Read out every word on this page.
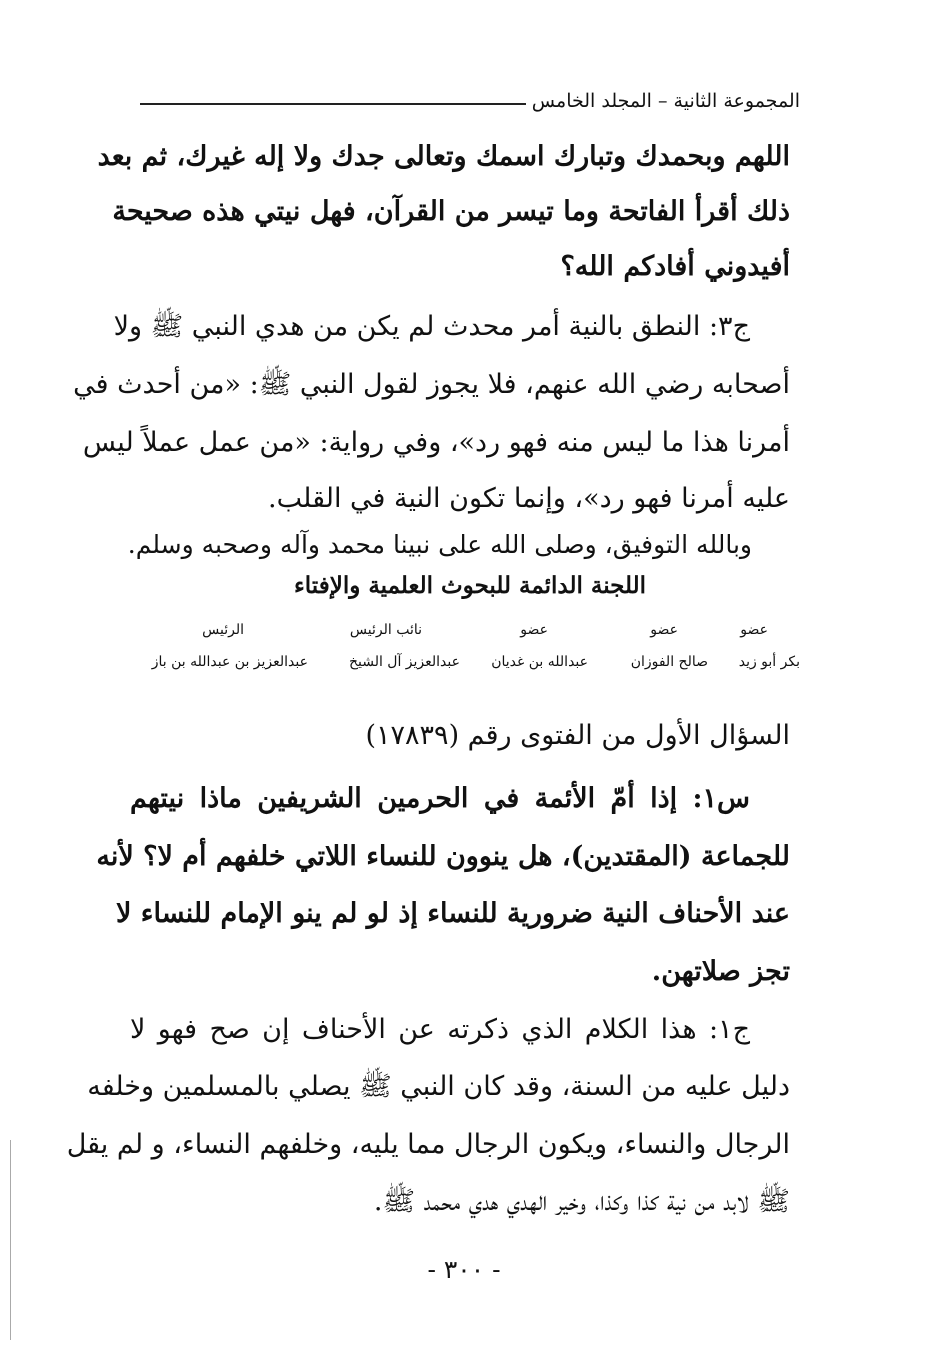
المجموعة الثانية – المجلد الخامس
اللهم وبحمدك وتبارك اسمك وتعالى جدك ولا إله غيرك، ثم بعد
ذلك أقرأ الفاتحة وما تيسر من القرآن، فهل نيتي هذه صحيحة
أفيدوني أفادكم الله؟
ج٣: النطق بالنية أمر محدث لم يكن من هدي النبي ﷺ ولا
أصحابه رضي الله عنهم، فلا يجوز لقول النبي ﷺ: «من أحدث في
أمرنا هذا ما ليس منه فهو رد»، وفي رواية: «من عمل عملاً ليس
عليه أمرنا فهو رد»، وإنما تكون النية في القلب.
وبالله التوفيق، وصلى الله على نبينا محمد وآله وصحبه وسلم.
اللجنة الدائمة للبحوث العلمية والإفتاء
عضو
عضو
عضو
نائب الرئيس
الرئيس
بكر أبو زيد
صالح الفوزان
عبدالله بن غديان
عبدالعزيز آل الشيخ
عبدالعزيز بن عبدالله بن باز
السؤال الأول من الفتوى رقم (١٧٨٣٩)
س١: إذا أمّ الأئمة في الحرمين الشريفين ماذا نيتهم
للجماعة (المقتدين)، هل ينوون للنساء اللاتي خلفهم أم لا؟ لأنه
عند الأحناف النية ضرورية للنساء إذ لو لم ينو الإمام للنساء لا
تجز صلاتهن.
ج١: هذا الكلام الذي ذكرته عن الأحناف إن صح فهو لا
دليل عليه من السنة، وقد كان النبي ﷺ يصلي بالمسلمين وخلفه
الرجال والنساء، ويكون الرجال مما يليه، وخلفهم النساء، و لم يقل
ﷺ لابد من نية كذا وكذا، وخير الهدي هدي محمد ﷺ.
- ٣٠٠ -
